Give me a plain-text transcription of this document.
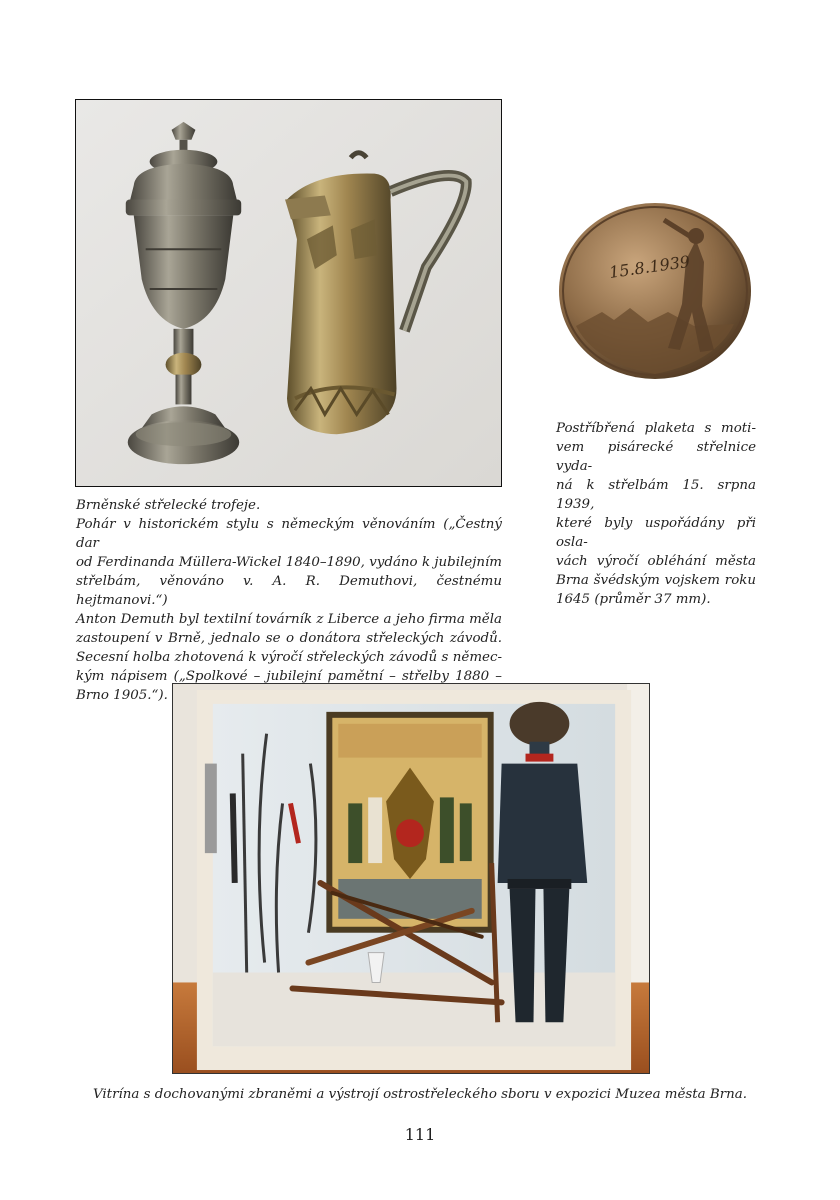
15.8.1939

Brněnské střelecké trofeje.
Pohár v historickém stylu s německým věnováním („Čestný dar
od Ferdinanda Müllera-Wickel 1840–1890, vydáno k jubilejním
střelbám, věnováno v. A. R. Demuthovi, čestnému hejtmanovi.“)
Anton Demuth byl textilní továrník z Liberce a jeho firma měla
zastoupení v Brně, jednalo se o donátora střeleckých závodů.
Secesní holba zhotovená k výročí střeleckých závodů s němec-
kým nápisem („Spolkové – jubilejní pamětní – střelby 1880 –
Brno 1905.“).

Postříbřená plaketa s moti-
vem pisárecké střelnice vyda-
ná k střelbám 15. srpna 1939,
které byly uspořádány při osla-
vách výročí obléhání města
Brna švédským vojskem roku
1645 (průměr 37 mm).

Vitrína s dochovanými zbraněmi a výstrojí ostrostřeleckého sboru v expozici Muzea města Brna.

111
